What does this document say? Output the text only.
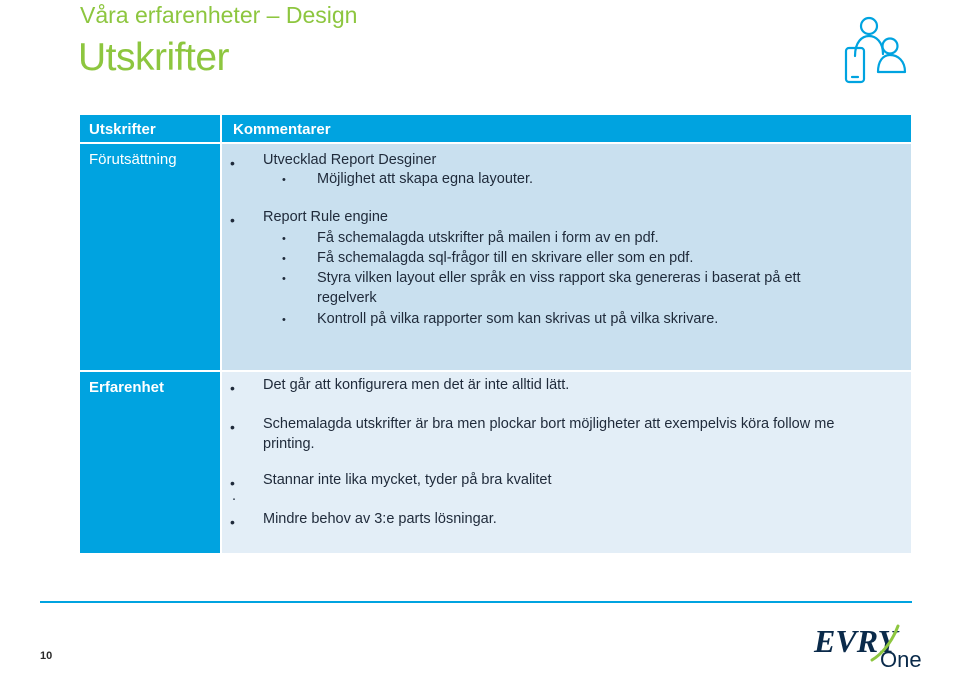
Våra erfarenheter – Design
Utskrifter
Utskrifter	Kommentarer
Förutsättning	• Utvecklad Report Desginer
• Möjlighet att skapa egna layouter.
• Report Rule engine
• Få schemalagda utskrifter på mailen i form av en pdf.
• Få schemalagda sql-frågor till en skrivare eller som en pdf.
• Styra vilken layout eller språk en viss rapport ska genereras i baserat på ett
regelverk
• Kontroll på vilka rapporter som kan skrivas ut på vilka skrivare.
Erfarenhet	• Det går att konfigurera men det är inte alltid lätt.
• Schemalagda utskrifter är bra men plockar bort möjligheter att exempelvis köra follow me
printing.
• Stannar inte lika mycket, tyder på bra kvalitet
.
• Mindre behov av 3:e parts lösningar.
10	EVRY
One
